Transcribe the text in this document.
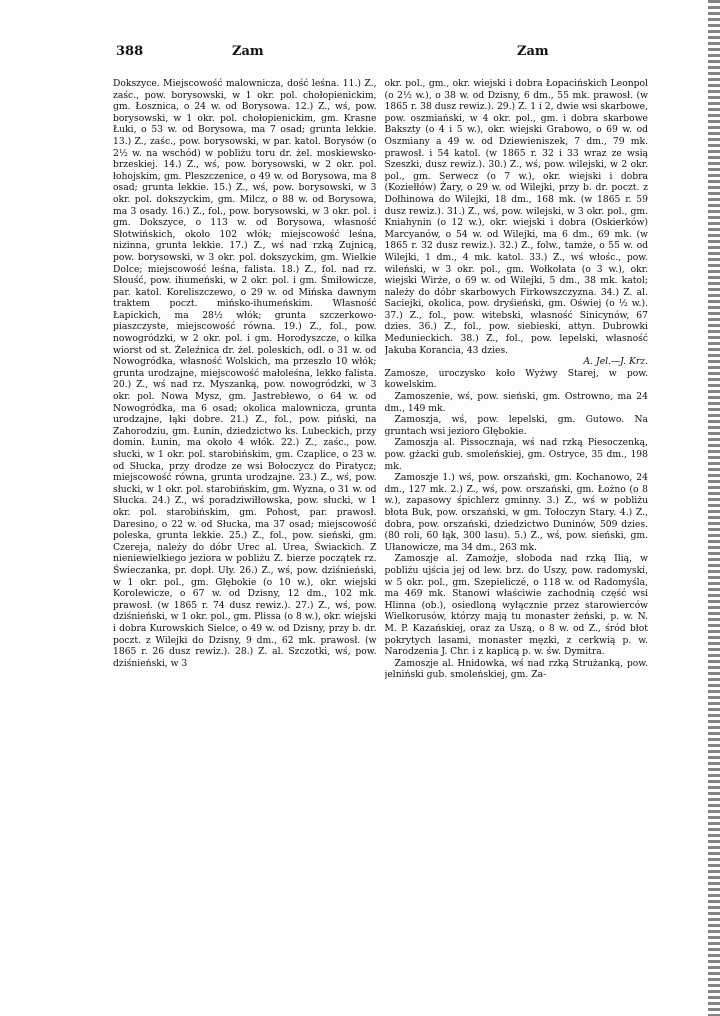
388	Zam	Zam

Dokszyce. Miejscowość malownicza, dość leśna. 11.) Z., zaśc., pow. borysowski, w 1 okr. pol. chołopienickim, gm. Łosznica, o 24 w. od Borysowa. 12.) Z., wś, pow. borysowski, w 1 okr. pol. chołopienickim, gm. Krasne Łuki, o 53 w. od Borysowa, ma 7 osad; grunta lekkie. 13.) Z., zaśc., pow. borysowski, w par. katol. Borysów (o 2½ w. na wschód) w pobliżu toru dr. żel. moskiewsko-brzeskiej. 14.) Z., wś, pow. borysowski, w 2 okr. pol. łohojskim, gm. Pleszczenice, o 49 w. od Borysowa, ma 8 osad; grunta lekkie. 15.) Z., wś, pow. borysowski, w 3 okr. pol. dokszyckim, gm. Milcz, o 88 w. od Borysowa, ma 3 osady. 16.) Z., fol., pow. borysowski, w 3 okr. pol. i gm. Dokszyce, o 113 w. od Borysowa, własność Słotwińskich, około 102 włók; miejscowość leśna, nizinna, grunta lekkie. 17.) Z., wś nad rzką Zujnicą, pow. borysowski, w 3 okr. pol. dokszyckim, gm. Wielkie Dolce; miejscowość leśna, falista. 18.) Z., fol. nad rz. Słouść, pow. ihumeński, w 2 okr. pol. i gm. Śmiłowicze, par. katol. Koreliszczewo, o 29 w. od Mińska dawnym traktem poczt. mińsko-ihumeńskim. Własność Łapickich, ma 28½ włók; grunta szczerkowo-piaszczyste, miejscowość równa. 19.) Z., fol., pow. nowogródzki, w 2 okr. pol. i gm. Horodyszcze, o kilka wiorst od st. Żeleźnica dr. żel. poleskich, odl. o 31 w. od Nowogródka, własność Wolskich, ma przeszło 10 włók; grunta urodzajne, miejscowość małoleśna, lekko falista. 20.) Z., wś nad rz. Myszanką, pow. nowogródzki, w 3 okr. pol. Nowa Mysz, gm. Jastrebłewo, o 64 w. od Nowogródka, ma 6 osad; okolica malownicza, grunta urodzajne, łąki dobre. 21.) Z., fol., pow. piński, na Zahorodziu, gm. Łunin, dziedzictwo ks. Lubeckich, przy domin. Łunin, ma około 4 włók. 22.) Z., zaśc., pow. słucki, w 1 okr. pol. starobińskim, gm. Czaplice, o 23 w. od Słucka, przy drodze ze wsi Bołoczycz do Piratycz; miejscowość równa, grunta urodzajne. 23.) Z., wś, pow. słucki, w 1 okr. pol. starobińskim, gm. Wyzna, o 31 w. od Słucka. 24.) Z., wś poradziwiłłowska, pow. słucki, w 1 okr. pol. starobińskim, gm. Pohost, par. prawosł. Daresino, o 22 w. od Słucka, ma 37 osad; miejscowość poleska, grunta lekkie. 25.) Z., fol., pow. sieński, gm. Czereja, należy do dóbr Urec al. Urea, Świackich. Z nieniewielkiego jeziora w pobliżu Z. bierze początek rz. Świeczanka, pr. dopł. Uły. 26.) Z., wś, pow. dziśnieński, w 1 okr. pol., gm. Głębokie (o 10 w.), okr. wiejski Korolewicze, o 67 w. od Dzisny, 12 dm., 102 mk. prawosł. (w 1865 r. 74 dusz rewiz.). 27.) Z., wś, pow. dziśnieński, w 1 okr. pol., gm. Plissa (o 8 w.), okr. wiejski i dobra Kurowskich Sielce, o 49 w. od Dzisny, przy b. dr. poczt. z Wilejki do Dzisny, 9 dm., 62 mk. prawosł. (w 1865 r. 26 dusz rewiz.). 28.) Z. al. Szczotki, wś, pow. dziśnieński, w 3

okr. pol., gm., okr. wiejski i dobra Łopacińskich Leonpol (o 2½ w.), o 38 w. od Dzisny, 6 dm., 55 mk. prawosł. (w 1865 r. 38 dusz rewiz.). 29.) Z. 1 i 2, dwie wsi skarbowe, pow. oszmiański, w 4 okr. pol., gm. i dobra skarbowe Bakszty (o 4 i 5 w.), okr. wiejski Grabowo, o 69 w. od Oszmiany a 49 w. od Dziewieniszek, 7 dm., 79 mk. prawosł. i 54 katol. (w 1865 r. 32 i 33 wraz ze wsią Szeszki, dusz rewiz.). 30.) Z., wś, pow. wilejski, w 2 okr. pol., gm. Serwecz (o 7 w.), okr. wiejski i dobra (Koziełłów) Żary, o 29 w. od Wilejki, przy b. dr. poczt. z Dołhinowa do Wilejki, 18 dm., 168 mk. (w 1865 r. 59 dusz rewiz.). 31.) Z., wś, pow. wilejski, w 3 okr. pol., gm. Kniahynin (o 12 w.), okr. wiejski i dobra (Oskierków) Marcyanów, o 54 w. od Wilejki, ma 6 dm., 69 mk. (w 1865 r. 32 dusz rewiz.). 32.) Z., folw., tamże, o 55 w. od Wilejki, 1 dm., 4 mk. katol. 33.) Z., wś włośc., pow. wileński, w 3 okr. pol., gm. Wołkołata (o 3 w.), okr. wiejski Wirże, o 69 w. od Wilejki, 5 dm., 38 mk. katol; należy do dóbr skarbowych Firkowszczyzna. 34.) Z. al. Saciejki, okolica, pow. dryśieński, gm. Oświej (o ½ w.). 37.) Z., fol., pow. witebski, własność Sinicynów, 67 dzies. 36.) Z., fol., pow. siebieski, attyn. Dubrowki Medunieckich. 38.) Z., fol., pow. lepelski, własność Jakuba Korancia, 43 dzies.

A. Jel.—J. Krz.

Zamosze, uroczysko koło Wyżwy Starej, w pow. kowelskim.

Zamoszenie, wś, pow. sieński, gm. Ostrowno, ma 24 dm., 149 mk.

Zamoszja, wś, pow. lepelski, gm. Gutowo. Na gruntach wsi jezioro Głębokie.

Zamoszja al. Pissocznaja, wś nad rzką Piesoczenką, pow. gżacki gub. smoleńskiej, gm. Ostryce, 35 dm., 198 mk.

Zamoszje 1.) wś, pow. orszański, gm. Kochanowo, 24 dm., 127 mk. 2.) Z., wś, pow. orszański, gm. Łożno (o 8 w.), zapasowy śpichlerz gminny. 3.) Z., wś w pobliżu błota Buk, pow. orszański, w gm. Tołoczyn Stary. 4.) Z., dobra, pow. orszański, dziedzictwo Duninów, 509 dzies. (80 roli, 60 łąk, 300 lasu). 5.) Z., wś, pow. sieński, gm. Ułanowicze, ma 34 dm., 263 mk.

Zamoszje al. Zamożje, słoboda nad rzką Ilią, w pobliżu ujścia jej od lew. brz. do Uszy, pow. radomyski, w 5 okr. pol., gm. Szepieliczé, o 118 w. od Radomyśla, ma 469 mk. Stanowi właściwie zachodnią część wsi Hlinna (ob.), osiedloną wyłącznie przez starowierców Wielkorusów, którzy mają tu monaster żeński, p. w. N. M. P. Kazańskiej, oraz za Uszą, o 8 w. od Z., śród błot pokrytych lasami, monaster męzki, z cerkwią p. w. Narodzenia J. Chr. i z kaplicą p. w. św. Dymitra.

Zamoszje al. Hnidowka, wś nad rzką Strużanką, pow. jelniński gub. smoleńskiej, gm. Za-
